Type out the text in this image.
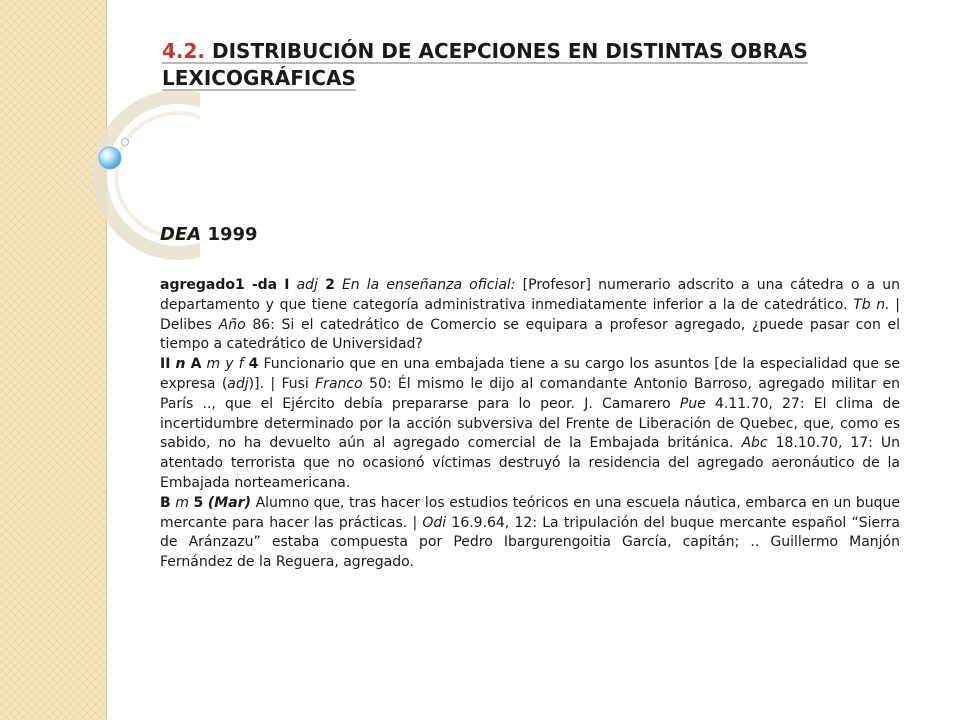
4.2. DISTRIBUCIÓN DE ACEPCIONES EN DISTINTAS OBRAS LEXICOGRÁFICAS
DEA 1999

agregado1 -da I adj 2 En la enseñanza oficial: [Profesor] numerario adscrito a una cátedra o a un departamento y que tiene categoría administrativa inmediatamente inferior a la de catedrático. Tb n. | Delibes Año 86: Si el catedrático de Comercio se equipara a profesor agregado, ¿puede pasar con el tiempo a catedrático de Universidad?

II n A m y f 4 Funcionario que en una embajada tiene a su cargo los asuntos [de la especialidad que se expresa (adj)]. | Fusi Franco 50: Él mismo le dijo al comandante Antonio Barroso, agregado militar en París .., que el Ejército debía prepararse para lo peor. J. Camarero Pue 4.11.70, 27: El clima de incertidumbre determinado por la acción subversiva del Frente de Liberación de Quebec, que, como es sabido, no ha devuelto aún al agregado comercial de la Embajada británica. Abc 18.10.70, 17: Un atentado terrorista que no ocasionó víctimas destruyó la residencia del agregado aeronáutico de la Embajada norteamericana.

B m 5 (Mar) Alumno que, tras hacer los estudios teóricos en una escuela náutica, embarca en un buque mercante para hacer las prácticas. | Odi 16.9.64, 12: La tripulación del buque mercante español “Sierra de Aránzazu” estaba compuesta por Pedro Ibargurengoitia García, capitán; .. Guillermo Manjón Fernández de la Reguera, agregado.
